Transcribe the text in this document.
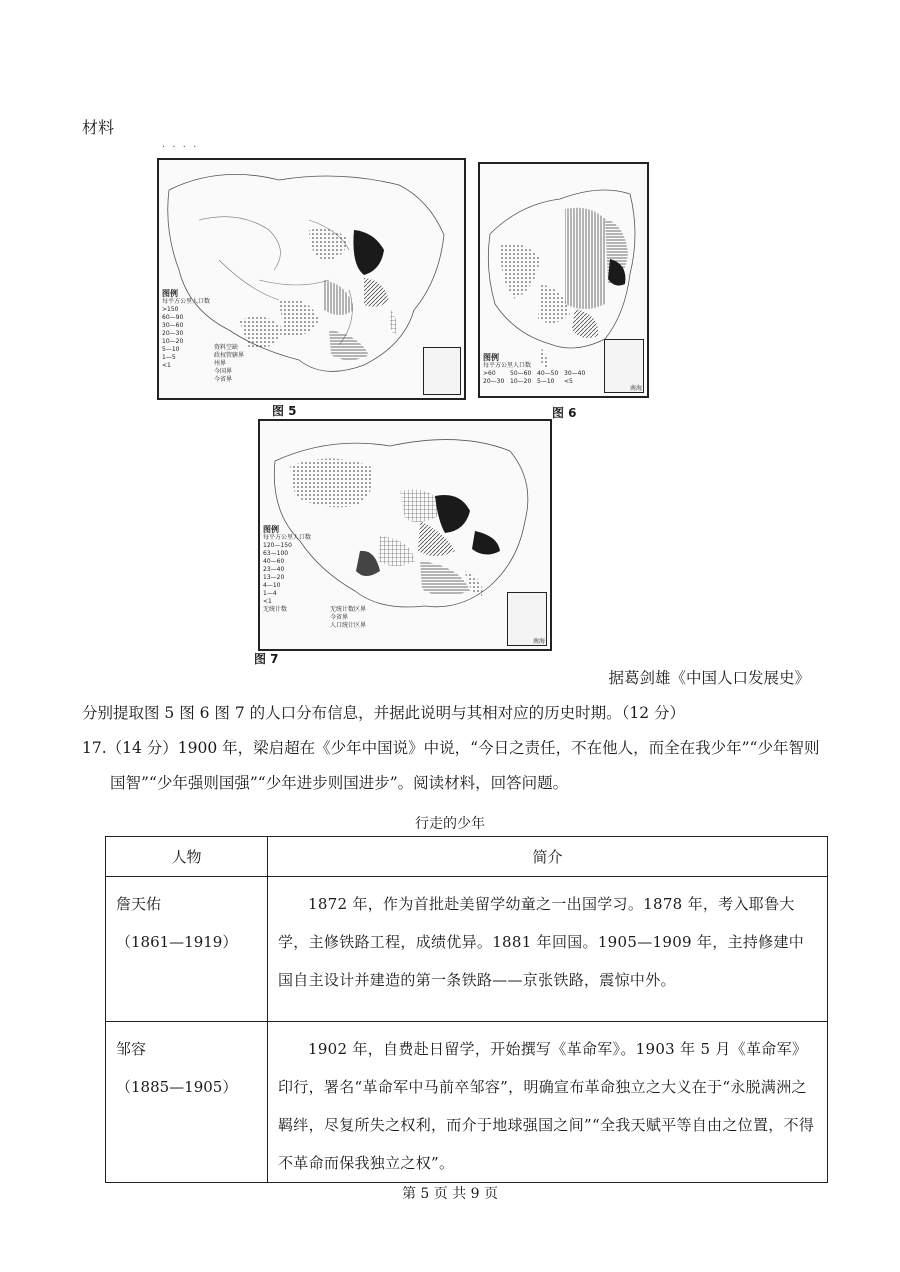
材料
· · · ·
图例
每平方公里人口数
>150
60—90
30—60
20—30
10—20
5—10
1—5
<1
资料空缺
政权管辖界
州界
今国界
今省界
图 5
图例
每平方公里人口数
>60	50—60 40—50 30—40
20—30 10—20 5—10	<5
南海
图 6
图例
每平方公里人口数
120—150
63—100
40—60
23—40
13—20
4—10
1—4
<1
无统计数	无统计数区界
今省界
人口统计区界
南海
图 7
据葛剑雄《中国人口发展史》
分别提取图 5 图 6 图 7 的人口分布信息，并据此说明与其相对应的历史时期。（12 分）
17.（14 分）1900 年，梁启超在《少年中国说》中说，“今日之责任，不在他人，而全在我少年”“少年智则
国智”“少年强则国强”“少年进步则国进步”。阅读材料，回答问题。
行走的少年
人物	简介

詹天佑
（1861—1919）	1872 年，作为首批赴美留学幼童之一出国学习。1878 年，考入耶鲁大学，主修铁路工程，成绩优异。1881 年回国。1905—1909 年，主持修建中国自主设计并建造的第一条铁路——京张铁路，震惊中外。

邹容
（1885—1905）	1902 年，自费赴日留学，开始撰写《革命军》。1903 年 5 月《革命军》印行，署名“革命军中马前卒邹容”，明确宣布革命独立之大义在于“永脱满洲之羁绊，尽复所失之权利，而介于地球强国之间”“全我天赋平等自由之位置，不得不革命而保我独立之权”。
第 5 页 共 9 页
